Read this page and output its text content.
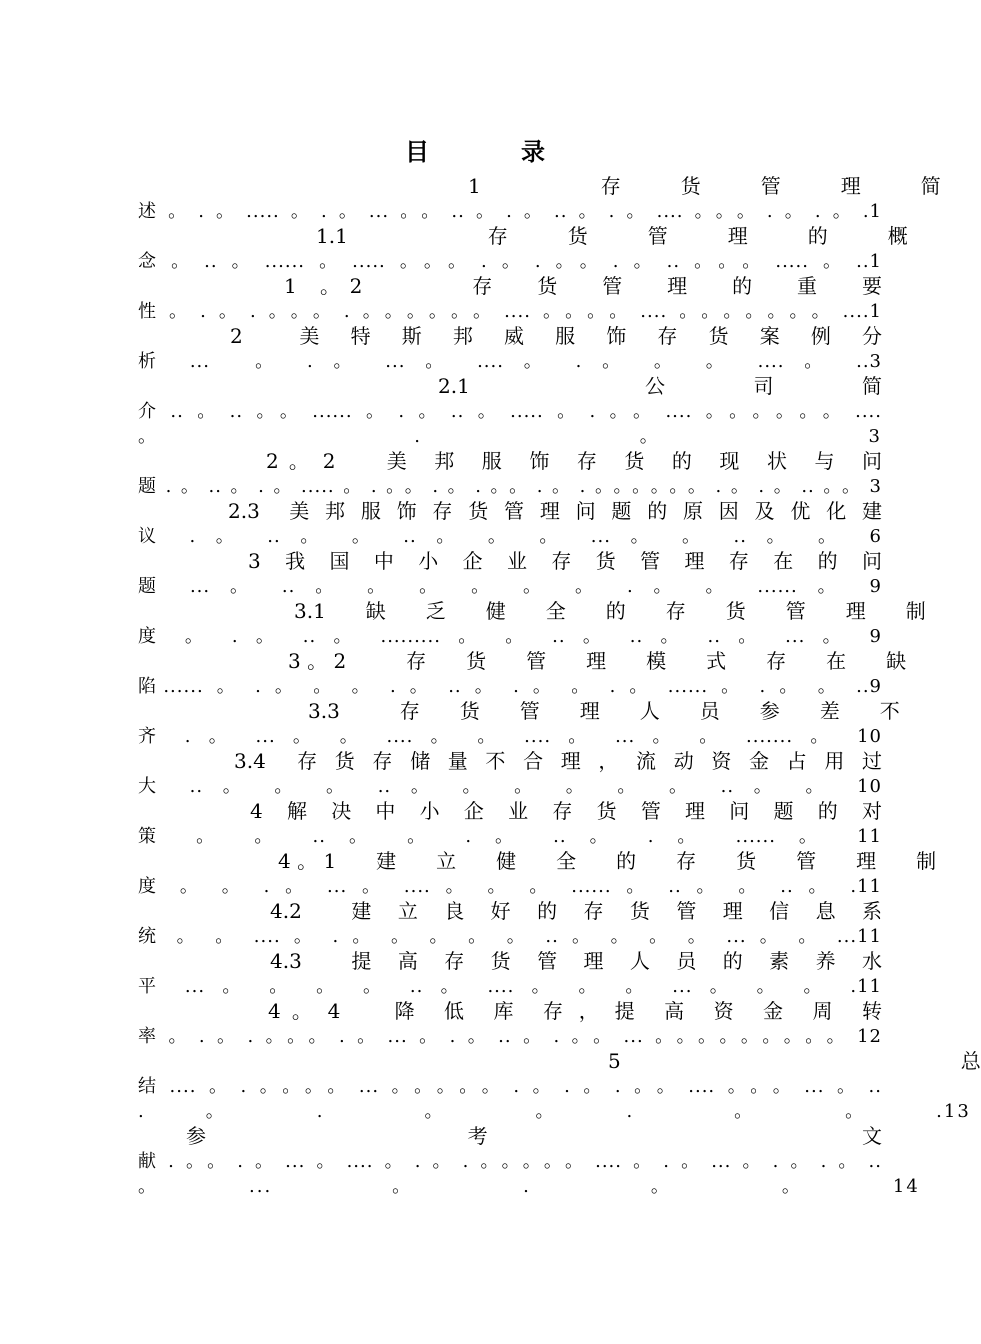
目　录
　　　　　1　　　　　　存　　　货　　　管　　　理　　　简
述。.。.....。.。...。。..。.。..。.。....。。。.。.。.1
1.1　　　　　　　存　　　货　　　管　　　理　　　的　　　概
念。..。......。.....。。。.。.。。.。..。。。.....。..1
1　。 2　　　　　存　　货　　管　　理　　的　　重　　要
性。.。.。。。.。。。。。。....。。。。....。。。。。。。....1
2　　美　特　斯　邦　威　服　饰　存　货　案　例　分
析 ...　。 . 。 ... 。 .... 。 . 。 。 。 .... 。 ..3
2.1　　　　　　　　公　　　　司　　　　简
介..。..。。......。.。..。.....。.。。....。。。。。。....
。　　　　　　　　　　　.　　　　　　　　　。　　　　　　　　　3
2 。 2　　美　邦　服　饰　存　货　的　现　状　与　问
题.。..。.。.....。.。。.。.。。.。.。。。。。。.。.。..。。3
2.3　美 邦 服 饰 存 货 管 理 问 题 的 原 因 及 优 化 建
议 . 。 .. 。 。 .. 。 。 。 ... 。 。 .. 。 。 6
3　我　国　中　小　企　业　存　货　管　理　存　在　的　问
题 ... 。 .. 。 。 。 。 。 。 . 。 。 ...... 。 9
3.1　　缺　　乏　　健　　全　　的　　存　　货　　管　　理　　制
度 。 . 。 .. 。 ......... 。 。 .. 。 .. 。 .. 。 ... 。 9
3 。 2　　　存　　货　　管　　理　　模　　式　　存　　在　　缺
陷...... 。 . 。 。 。 . 。 .. 。 . 。 。 . 。 ...... 。 . 。 。 ..9
3.3　　　存　　货　　管　　理　　人　　员　　参　　差　　不
齐 . 。 ... 。 。 .... 。 。 .... 。 ... 。 。 ....... 。 10
3.4　存 货 存 储 量 不 合 理 ， 流 动 资 金 占 用 过
大 .. 。 。 。 .. 。 。 。 。 。 。 .. 。 。 10
4　解　决　中　小　企　业　存　货　管　理　问　题　的　对
策 。 。 .. 。 。 . 。 .. 。 . 。 ...... 。 11
4 。 1　　建　　立　　健　　全　　的　　存　　货　　管　　理　　制
度 。 。 . 。 ... 。 .... 。 。 。 ...... 。 .. 。 。 .. 。 .11
4.2　　建　立　良　好　的　存　货　管　理　信　息　系
统 。 。 .... 。 . 。 。 。 。 。 .. 。 。 。 。 ... 。 。 ...11
4.3　　提　高　存　货　管　理　人　员　的　素　养　水
平 ... 。 。 。 。 .. 。 .... 。 。 。 ... 。 。 。 .11
4 。 4　　降　低　库　存 ， 提　高　资　金　周　转
率。.。.。。。.。...。.。..。.。。...。。。。。。。。。12
5　　　　　　　　　　　　　　　　　总
结....。.。。。。...。。。。。.。.。.。。....。。。...。..
.　　　。　　　　　.　　　　　。　　　　　。　　　　.　　　　　。　　　　　。　　　　.13
参　　　　　　　　　考　　　　　　　　　　　　　文
献.。。.。...。....。.。.。。。。。....。.。...。.。.。..
。　　　　　...　　　　　　。　　　　　　.　　　　　　。　　　　　　。　　　　　14
